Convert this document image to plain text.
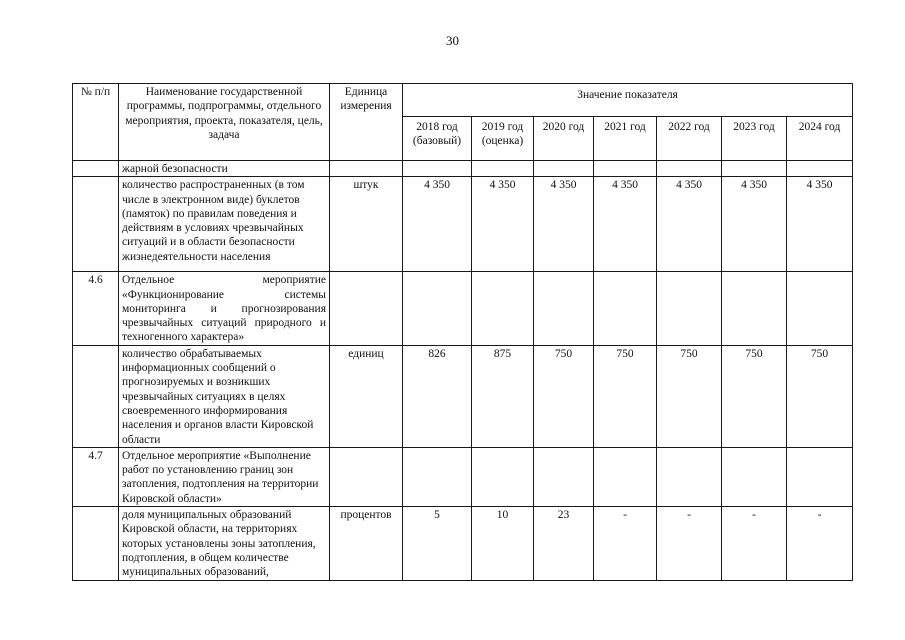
30
№ п/п	Наименование государственной программы, подпрограммы, отдельного мероприятия, проекта, показателя, цель, задача	Единица измерения	Значение показателя						
			2018 год (базовый)	2019 год (оценка)	2020 год	2021 год	2022 год	2023 год	2024 год
	жарной безопасности								
	количество распространенных (в том числе в электронном виде) буклетов (памяток) по правилам поведения и действиям в условиях чрезвычайных ситуаций и в области безопасности жизнедеятельности населения	штук	4 350	4 350	4 350	4 350	4 350	4 350	4 350
4.6	Отдельное мероприятие «Функционирование системы мониторинга и прогнозирования чрезвычайных ситуаций природного и техногенного характера»								
	количество обрабатываемых информационных сообщений о прогнозируемых и возникших чрезвычайных ситуациях в целях своевременного информирования населения и органов власти Кировской области	единиц	826	875	750	750	750	750	750
4.7	Отдельное мероприятие «Выполнение работ по установлению границ зон затопления, подтопления на территории Кировской области»								
	доля муниципальных образований Кировской области, на территориях которых установлены зоны затопления, подтопления, в общем количестве муниципальных образований,	процентов	5	10	23	-	-	-	-
